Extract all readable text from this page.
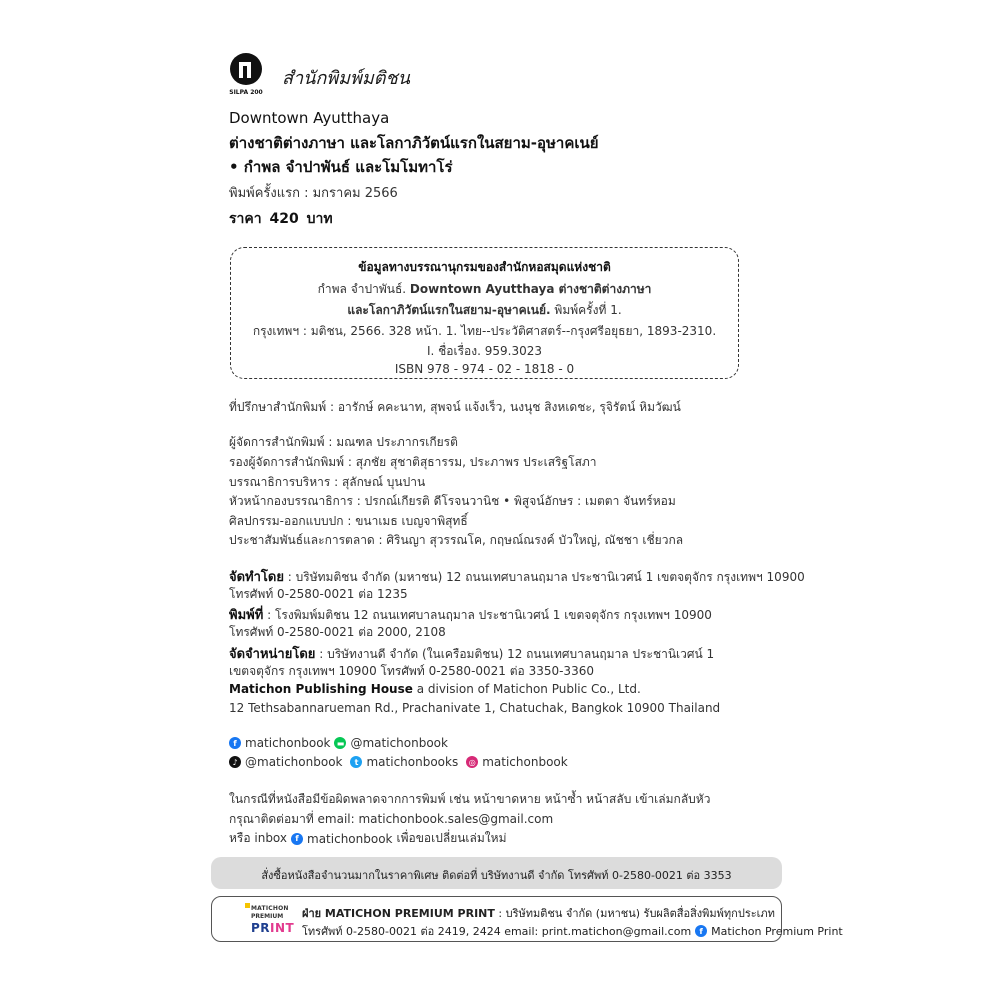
SILPA 200
สำนักพิมพ์มติชน
Downtown Ayutthaya
ต่างชาติต่างภาษา และโลกาภิวัตน์แรกในสยาม-อุษาคเนย์
• กำพล จำปาพันธ์ และโมโมทาโร่
พิมพ์ครั้งแรก : มกราคม 2566
ราคา 420 บาท
ข้อมูลทางบรรณานุกรมของสำนักหอสมุดแห่งชาติ
กำพล จำปาพันธ์. Downtown Ayutthaya ต่างชาติต่างภาษา
และโลกาภิวัตน์แรกในสยาม-อุษาคเนย์. พิมพ์ครั้งที่ 1.
กรุงเทพฯ : มติชน, 2566. 328 หน้า. 1. ไทย--ประวัติศาสตร์--กรุงศรีอยุธยา, 1893-2310.
I. ชื่อเรื่อง. 959.3023
ISBN 978 - 974 - 02 - 1818 - 0
ที่ปรึกษาสำนักพิมพ์ : อารักษ์ คคะนาท, สุพจน์ แจ้งเร็ว, นงนุช สิงหเดชะ, รุจิรัตน์ หิมวัฒน์
ผู้จัดการสำนักพิมพ์ : มณฑล ประภากรเกียรติ
รองผู้จัดการสำนักพิมพ์ : สุภชัย สุชาติสุธารรม, ประภาพร ประเสริฐโสภา
บรรณาธิการบริหาร : สุลักษณ์ บุนปาน
หัวหน้ากองบรรณาธิการ : ปรกณ์เกียรติ ดีโรจนวานิช • พิสูจน์อักษร : เมตตา จันทร์หอม
ศิลปกรรม-ออกแบบปก : ขนาเมธ เบญจาพิสุทธิ์
ประชาสัมพันธ์และการตลาด : ศิรินญา สุวรรณโค, กฤษณ์ณรงค์ บัวใหญ่, ณัชชา เชี่ยวกล
จัดทำโดย : บริษัทมติชน จำกัด (มหาชน) 12 ถนนเทศบาลนฤมาล ประชานิเวศน์ 1 เขตจตุจักร กรุงเทพฯ 10900
โทรศัพท์ 0-2580-0021 ต่อ 1235
พิมพ์ที่ : โรงพิมพ์มติชน 12 ถนนเทศบาลนฤมาล ประชานิเวศน์ 1 เขตจตุจักร กรุงเทพฯ 10900
โทรศัพท์ 0-2580-0021 ต่อ 2000, 2108
จัดจำหน่ายโดย : บริษัทงานดี จำกัด (ในเครือมติชน) 12 ถนนเทศบาลนฤมาล ประชานิเวศน์ 1
เขตจตุจักร กรุงเทพฯ 10900 โทรศัพท์ 0-2580-0021 ต่อ 3350-3360
Matichon Publishing House a division of Matichon Public Co., Ltd.
12 Tethsabannarueman Rd., Prachanivate 1, Chatuchak, Bangkok 10900 Thailand
f matichonbook ▬ @matichonbook
♪ @matichonbook	t matichonbooks	◎ matichonbook
ในกรณีที่หนังสือมีข้อผิดพลาดจากการพิมพ์ เช่น หน้าขาดหาย หน้าซ้ำ หน้าสลับ เข้าเล่มกลับหัว
กรุณาติดต่อมาที่ email: matichonbook.sales@gmail.com
หรือ inbox	f matichonbook เพื่อขอเปลี่ยนเล่มใหม่
สั่งซื้อหนังสือจำนวนมากในราคาพิเศษ ติดต่อที่ บริษัทงานดี จำกัด โทรศัพท์ 0-2580-0021 ต่อ 3353
MATICHON
PREMIUM
PRINT
ฝ่าย MATICHON PREMIUM PRINT : บริษัทมติชน จำกัด (มหาชน) รับผลิตสื่อสิ่งพิมพ์ทุกประเภท
โทรศัพท์ 0-2580-0021 ต่อ 2419, 2424 email: print.matichon@gmail.com	f Matichon Premium Print
